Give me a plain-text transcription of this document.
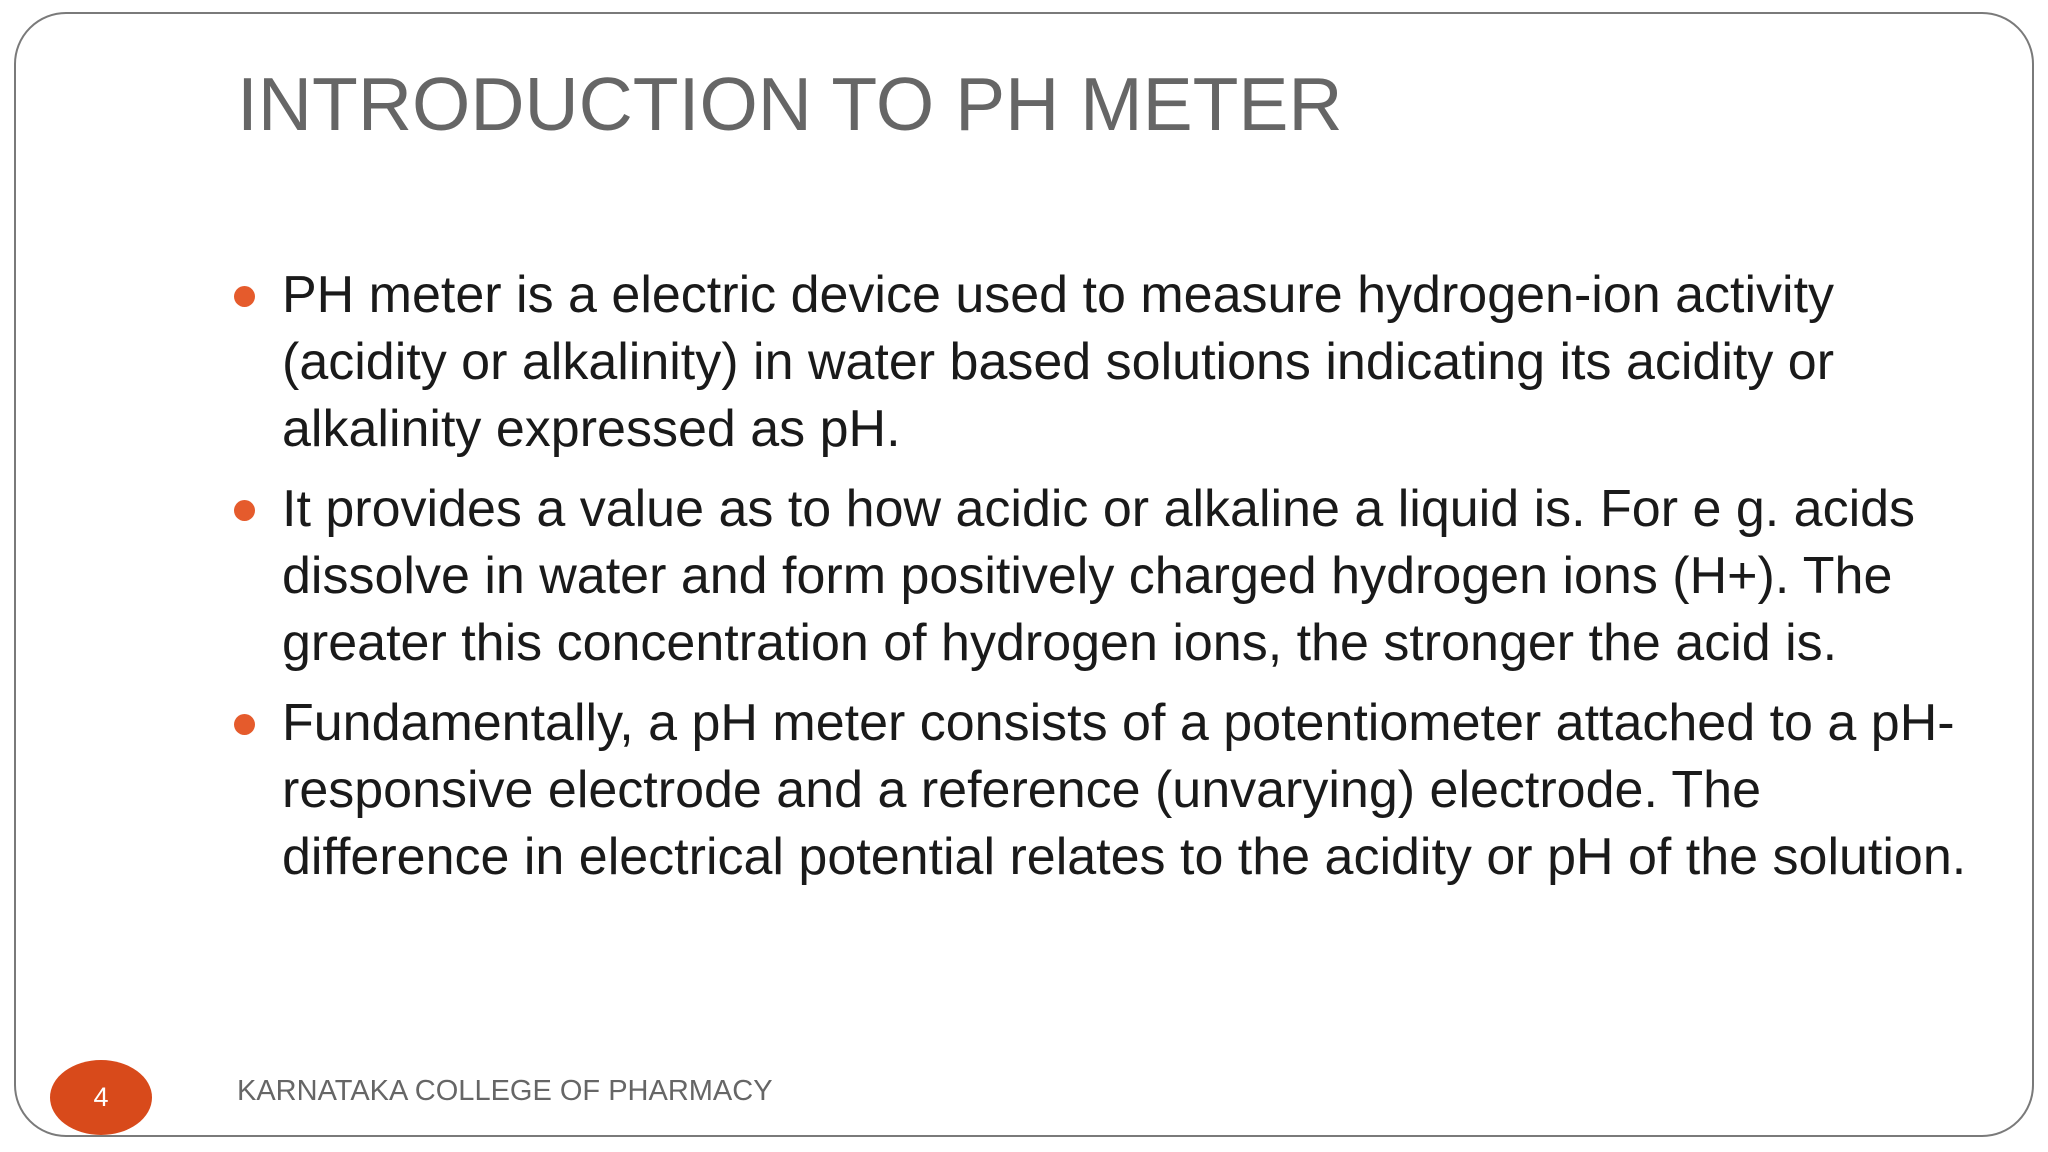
INTRODUCTION TO PH METER
PH meter is a electric device used to measure hydrogen-ion activity (acidity or alkalinity) in water based solutions indicating its acidity or alkalinity expressed as pH.
It provides a value as to how acidic or alkaline a liquid is. For e g. acids dissolve in water and form positively charged hydrogen ions (H+). The greater this concentration of hydrogen ions, the stronger the acid is.
Fundamentally, a pH meter consists of a potentiometer attached to a pH- responsive electrode and a reference (unvarying) electrode. The difference in electrical potential relates to the acidity or pH of the solution.
4	KARNATAKA COLLEGE OF PHARMACY
